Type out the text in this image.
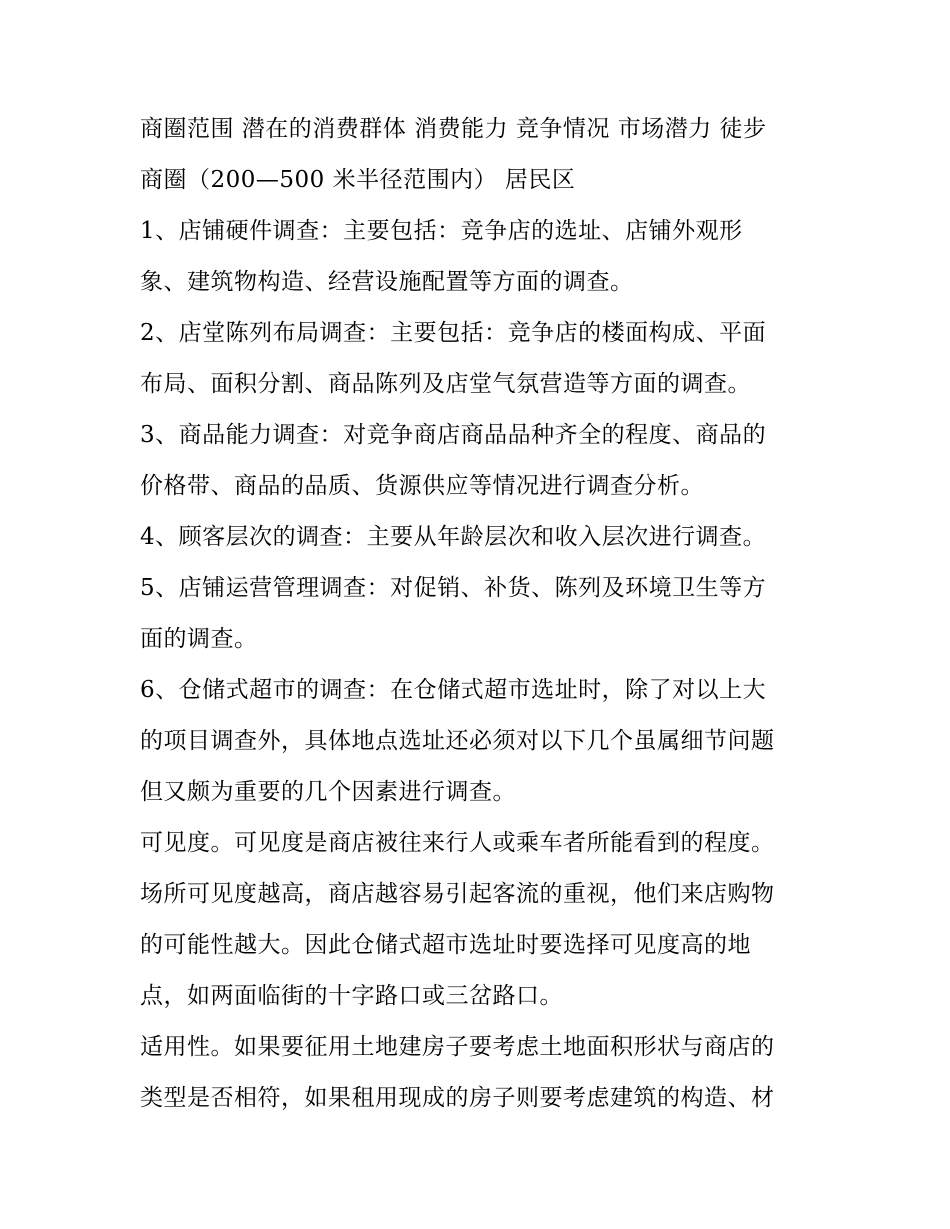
商圈范围 潜在的消费群体 消费能力 竞争情况 市场潜力 徒步
商圈（200—500 米半径范围内） 居民区
1、店铺硬件调查：主要包括：竞争店的选址、店铺外观形
象、建筑物构造、经营设施配置等方面的调查。
2、店堂陈列布局调查：主要包括：竞争店的楼面构成、平面
布局、面积分割、商品陈列及店堂气氛营造等方面的调查。
3、商品能力调查：对竞争商店商品品种齐全的程度、商品的
价格带、商品的品质、货源供应等情况进行调查分析。
4、顾客层次的调查：主要从年龄层次和收入层次进行调查。
5、店铺运营管理调查：对促销、补货、陈列及环境卫生等方
面的调查。
6、仓储式超市的调查：在仓储式超市选址时，除了对以上大
的项目调查外，具体地点选址还必须对以下几个虽属细节问题
但又颇为重要的几个因素进行调查。
可见度。可见度是商店被往来行人或乘车者所能看到的程度。
场所可见度越高，商店越容易引起客流的重视，他们来店购物
的可能性越大。因此仓储式超市选址时要选择可见度高的地
点，如两面临街的十字路口或三岔路口。
适用性。如果要征用土地建房子要考虑土地面积形状与商店的
类型是否相符，如果租用现成的房子则要考虑建筑的构造、材
